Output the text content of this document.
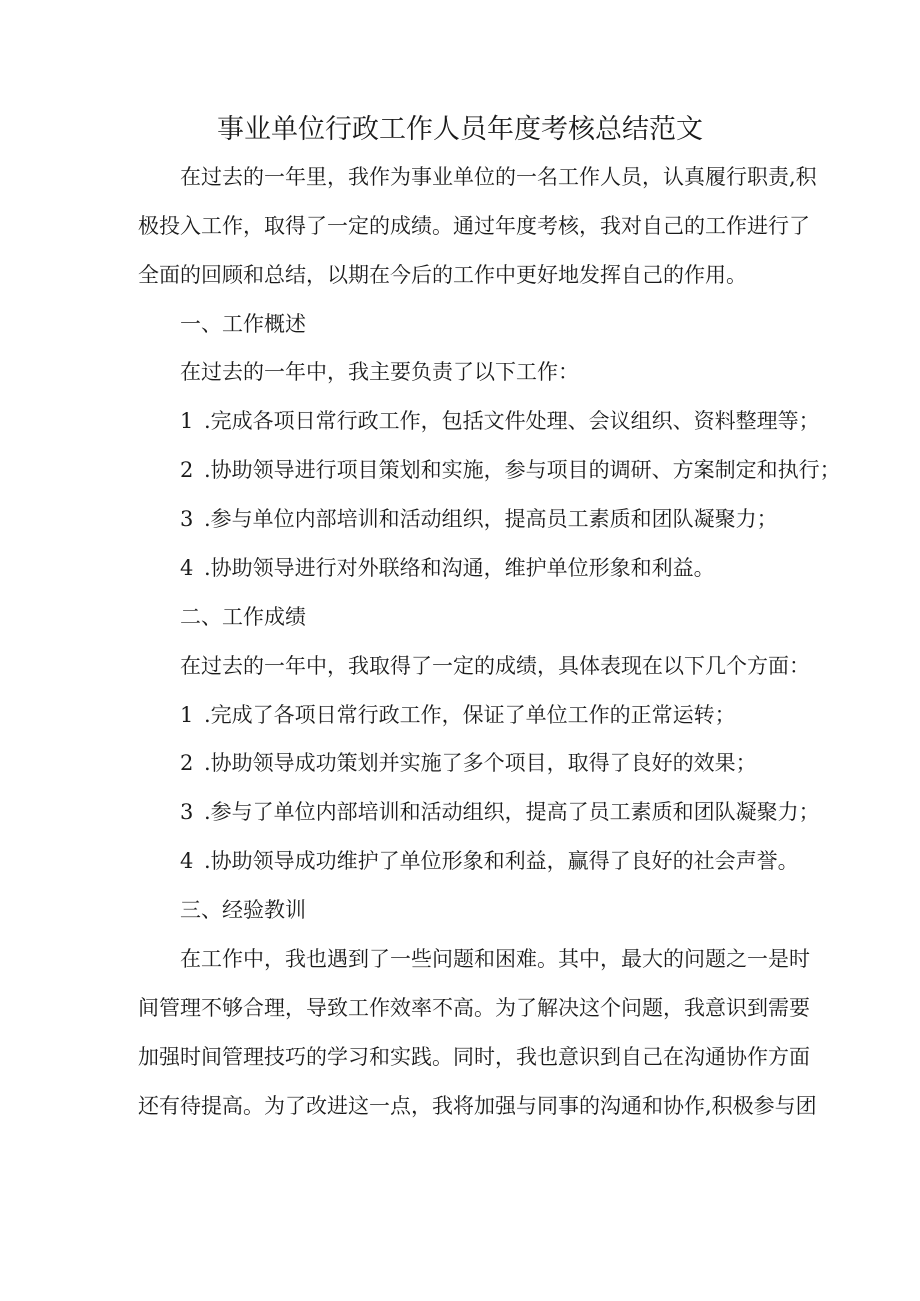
事业单位行政工作人员年度考核总结范文
在过去的一年里，我作为事业单位的一名工作人员，认真履行职责,积
极投入工作，取得了一定的成绩。通过年度考核，我对自己的工作进行了
全面的回顾和总结，以期在今后的工作中更好地发挥自己的作用。
一、工作概述
在过去的一年中，我主要负责了以下工作：
1 .完成各项日常行政工作，包括文件处理、会议组织、资料整理等；
2 .协助领导进行项目策划和实施，参与项目的调研、方案制定和执行；
3 .参与单位内部培训和活动组织，提高员工素质和团队凝聚力；
4 .协助领导进行对外联络和沟通，维护单位形象和利益。
二、工作成绩
在过去的一年中，我取得了一定的成绩，具体表现在以下几个方面：
1 .完成了各项日常行政工作，保证了单位工作的正常运转；
2 .协助领导成功策划并实施了多个项目，取得了良好的效果；
3 .参与了单位内部培训和活动组织，提高了员工素质和团队凝聚力；
4 .协助领导成功维护了单位形象和利益，赢得了良好的社会声誉。
三、经验教训
在工作中，我也遇到了一些问题和困难。其中，最大的问题之一是时
间管理不够合理，导致工作效率不高。为了解决这个问题，我意识到需要
加强时间管理技巧的学习和实践。同时，我也意识到自己在沟通协作方面
还有待提高。为了改进这一点，我将加强与同事的沟通和协作,积极参与团
